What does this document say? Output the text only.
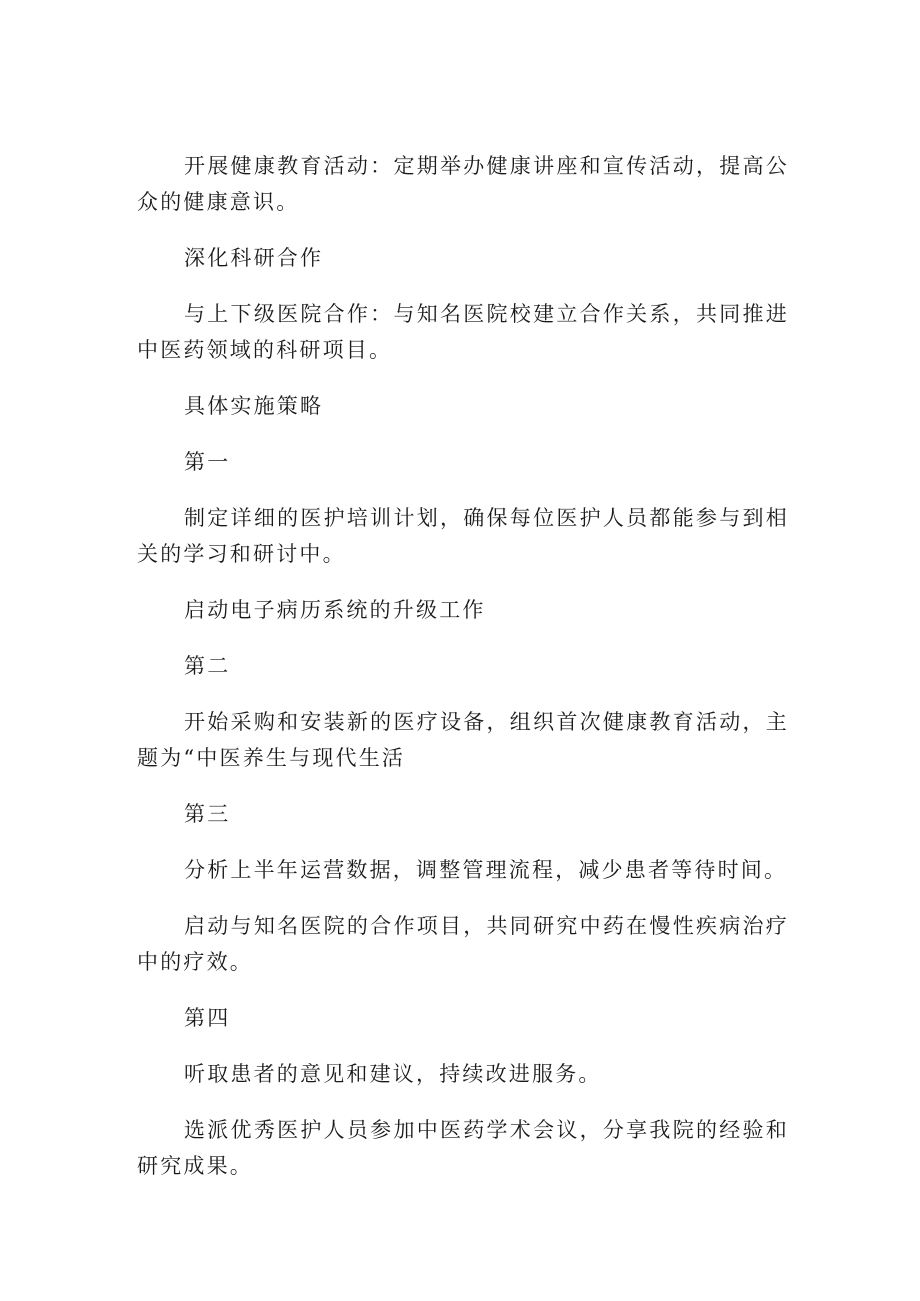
开展健康教育活动：定期举办健康讲座和宣传活动，提高公众的健康意识。

深化科研合作

与上下级医院合作：与知名医院校建立合作关系，共同推进中医药领域的科研项目。

具体实施策略

第一

制定详细的医护培训计划，确保每位医护人员都能参与到相关的学习和研讨中。

启动电子病历系统的升级工作

第二

开始采购和安装新的医疗设备，组织首次健康教育活动，主题为“中医养生与现代生活

第三

分析上半年运营数据，调整管理流程，减少患者等待时间。

启动与知名医院的合作项目，共同研究中药在慢性疾病治疗中的疗效。

第四

听取患者的意见和建议，持续改进服务。

选派优秀医护人员参加中医药学术会议，分享我院的经验和研究成果。
